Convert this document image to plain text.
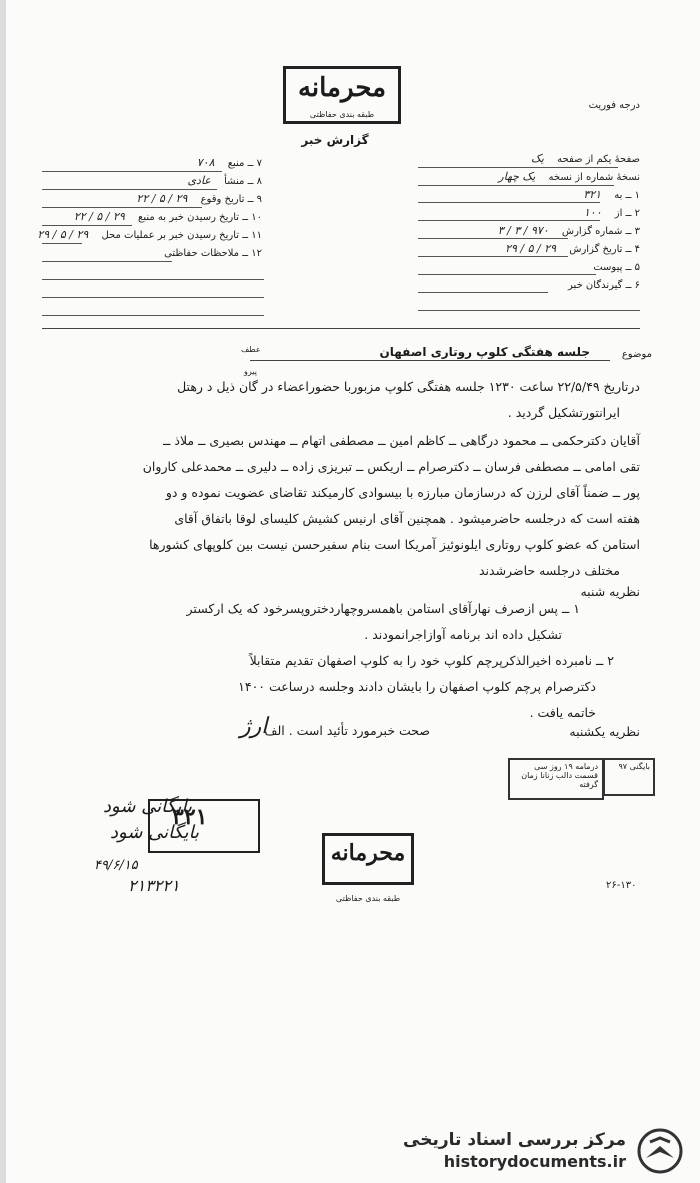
محرمانه
طبقه بندی حفاظتی
گزارش خبر
درجه فوریت
صفحهٔ یکم از صفحه یک
نسخهٔ شماره از نسخه یک چهار
۱ ــ به ۳۲۱
۲ ــ از ۱۰۰
۳ ــ شماره گزارش ۹۷۰ / ۳ / ۳
۴ ــ تاریخ گزارش ۲۹ / ۵ / ۲۹
۵ ــ پیوست
۶ ــ گیرندگان خبر
۷ ــ منبع ۷۰۸
۸ ــ منشأ عادی
۹ ــ تاریخ وقوع ۲۹ / ۵ / ۲۲
۱۰ ــ تاریخ رسیدن خبر به منبع ۲۹ / ۵ / ۲۲
۱۱ ــ تاریخ رسیدن خبر بر عملیات محل ۲۹ / ۵ / ۲۹
۱۲ ــ ملاحظات حفاظتی
موضوع
جلسه هفتگی کلوپ روتاری اصفهان
عطف
پیرو

درتاریخ ۲۲/۵/۴۹ ساعت ۱۲۳۰ جلسه هفتگی کلوپ مزبوربا حضوراعضاء در گان ذیل د رهتل

ایرانتورتشکیل گردید .

آقایان دکترحکمی ــ محمود درگاهی ــ کاظم امین ــ مصطفی اتهام ــ مهندس بصیری ــ ملاذ ــ

تقی امامی ــ مصطفی فرسان ــ دکترصرام ــ اریکس ــ تبریزی زاده ــ دلیری ــ محمدعلی کاروان

پور ــ ضمناً آقای لرزن که درسازمان مبارزه با بیسوادی کارمیکند تقاضای عضویت نموده و دو

هفته است که درجلسه حاضرمیشود . همچنین آقای ارنیس کشیش کلیسای لوقا باتفاق آقای

استامن که عضو کلوپ روتاری ایلونوئیز آمریکا است بنام سفیرحسن نیست بین کلوپهای کشورها

مختلف درجلسه حاضرشدند

نظریه شنبه

۱ ــ پس ازصرف نهارآقای استامن باهمسروچهاردختروپسرخود که یک ارکستر

تشکیل داده اند برنامه آوازاجرانمودند .

۲ ــ نامبرده اخیرالذکرپرچم کلوپ خود را به کلوپ اصفهان تقدیم متقابلاً

دکترصرام پرچم کلوپ اصفهان را بایشان دادند وجلسه درساعت ۱۴۰۰

خاتمه یافت .

نظریه یکشنبه
صحت خبرمورد تأئید است . الف
ارژ
درمامه ۱۹ روز سی قسمت دالب زنانا زمان گرفته
بایگنی ۹۷
۳۲۱
بایگانی شود
بایگانی شود
۴۹/۶/۱۵
۲۱۳۲۲۱
محرمانه
طبقه بندی حفاظتی
۲۶-۱۳۰
مرکز بررسی اسناد تاریخی
historydocuments.ir
